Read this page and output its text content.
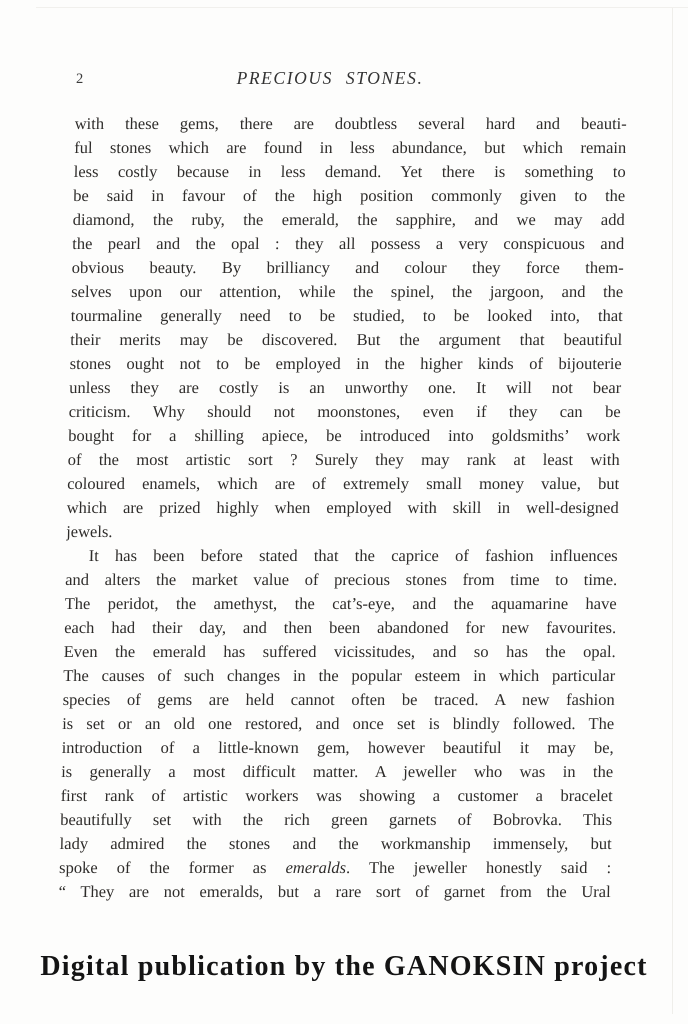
2	PRECIOUS STONES.
with these gems, there are doubtless several hard and beauti-
ful stones which are found in less abundance, but which remain
less costly because in less demand. Yet there is something to
be said in favour of the high position commonly given to the
diamond, the ruby, the emerald, the sapphire, and we may add
the pearl and the opal : they all possess a very conspicuous and
obvious beauty. By brilliancy and colour they force them-
selves upon our attention, while the spinel, the jargoon, and the
tourmaline generally need to be studied, to be looked into, that
their merits may be discovered. But the argument that beautiful
stones ought not to be employed in the higher kinds of bijouterie
unless they are costly is an unworthy one. It will not bear
criticism. Why should not moonstones, even if they can be
bought for a shilling apiece, be introduced into goldsmiths’ work
of the most artistic sort ? Surely they may rank at least with
coloured enamels, which are of extremely small money value, but
which are prized highly when employed with skill in well-designed
jewels.
It has been before stated that the caprice of fashion influences
and alters the market value of precious stones from time to time.
The peridot, the amethyst, the cat’s-eye, and the aquamarine have
each had their day, and then been abandoned for new favourites.
Even the emerald has suffered vicissitudes, and so has the opal.
The causes of such changes in the popular esteem in which particular
species of gems are held cannot often be traced. A new fashion
is set or an old one restored, and once set is blindly followed. The
introduction of a little-known gem, however beautiful it may be,
is generally a most difficult matter. A jeweller who was in the
first rank of artistic workers was showing a customer a bracelet
beautifully set with the rich green garnets of Bobrovka. This
lady admired the stones and the workmanship immensely, but
spoke of the former as emeralds. The jeweller honestly said :
“ They are not emeralds, but a rare sort of garnet from the Ural
Digital publication by the GANOKSIN project
